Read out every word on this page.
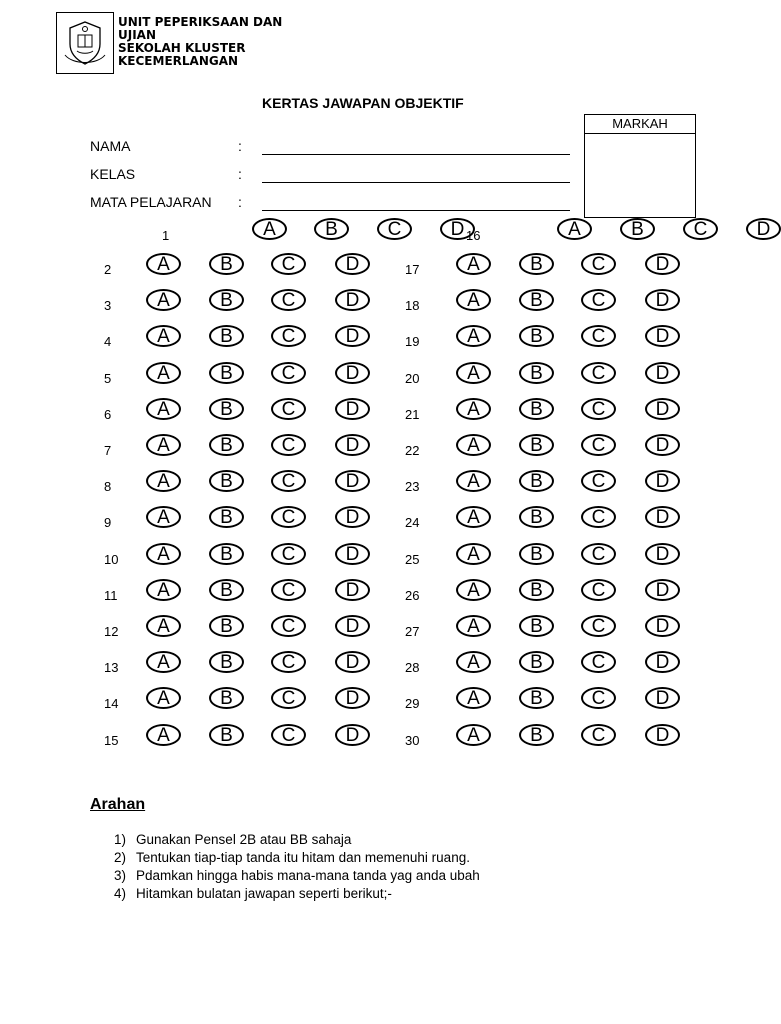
UNIT PEPERIKSAAN DAN
UJIAN
SEKOLAH KLUSTER
KECEMERLANGAN
KERTAS JAWAPAN OBJEKTIF
MARKAH
NAMA	:
KELAS	:
MATA PELAJARAN :
1	A	B	C	D
2	A	B	C	D
3	A	B	C	D
4	A	B	C	D
5	A	B	C	D
6	A	B	C	D
7	A	B	C	D
8	A	B	C	D
9	A	B	C	D
10	A	B	C	D
11	A	B	C	D
12	A	B	C	D
13	A	B	C	D
14	A	B	C	D
15	A	B	C	D
16	A	B	C	D
17	A	B	C	D
18	A	B	C	D
19	A	B	C	D
20	A	B	C	D
21	A	B	C	D
22	A	B	C	D
23	A	B	C	D
24	A	B	C	D
25	A	B	C	D
26	A	B	C	D
27	A	B	C	D
28	A	B	C	D
29	A	B	C	D
30	A	B	C	D
Arahan
1) Gunakan Pensel 2B atau BB sahaja
2) Tentukan tiap-tiap tanda itu hitam dan memenuhi ruang.
3) Pdamkan hingga habis mana-mana tanda yag anda ubah
4) Hitamkan bulatan jawapan seperti berikut;-
